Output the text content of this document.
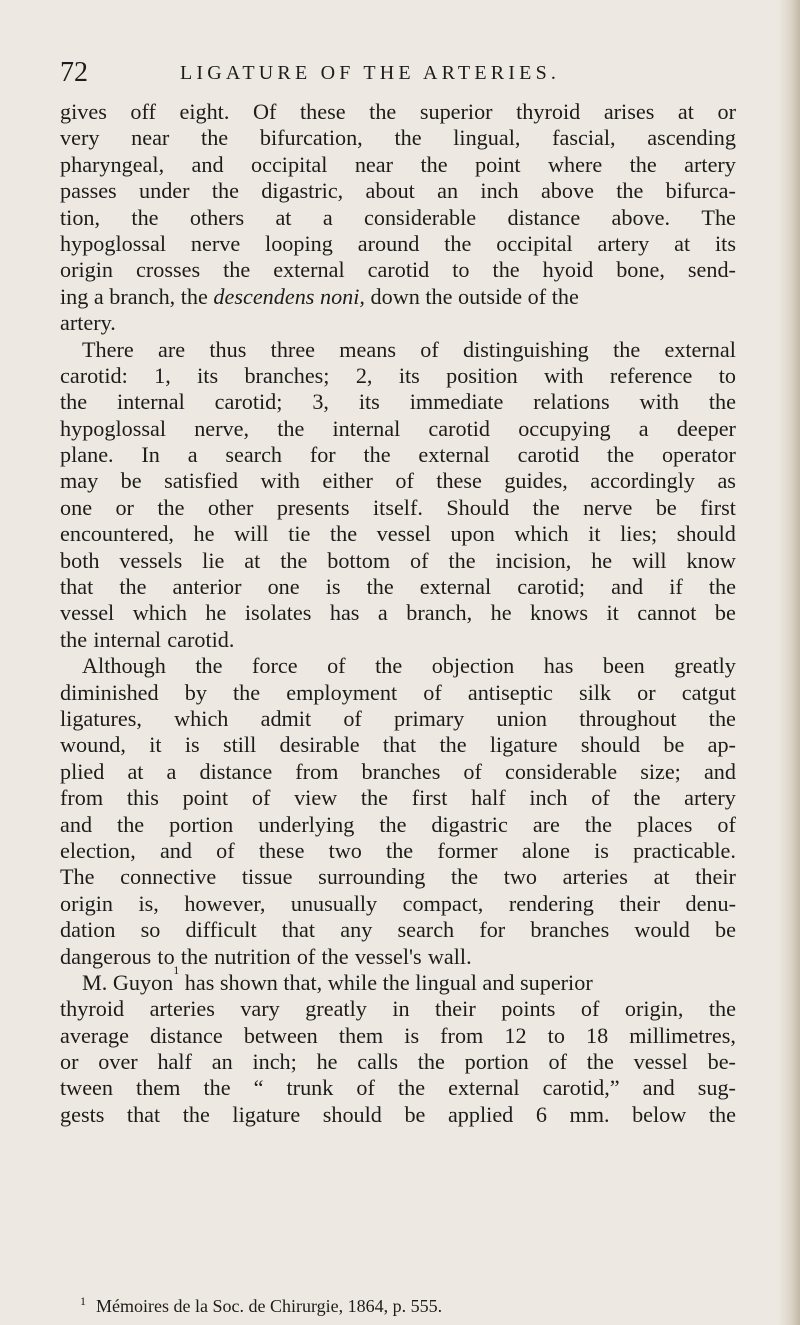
72	LIGATURE OF THE ARTERIES.
gives off eight. Of these the superior thyroid arises at or
very near the bifurcation, the lingual, fascial, ascending
pharyngeal, and occipital near the point where the artery
passes under the digastric, about an inch above the bifurca-
tion, the others at a considerable distance above. The
hypoglossal nerve looping around the occipital artery at its
origin crosses the external carotid to the hyoid bone, send-
ing a branch, the descendens noni, down the outside of the
artery.
There are thus three means of distinguishing the external
carotid: 1, its branches; 2, its position with reference to
the internal carotid; 3, its immediate relations with the
hypoglossal nerve, the internal carotid occupying a deeper
plane. In a search for the external carotid the operator
may be satisfied with either of these guides, accordingly as
one or the other presents itself. Should the nerve be first
encountered, he will tie the vessel upon which it lies; should
both vessels lie at the bottom of the incision, he will know
that the anterior one is the external carotid; and if the
vessel which he isolates has a branch, he knows it cannot be
the internal carotid.
Although the force of the objection has been greatly
diminished by the employment of antiseptic silk or catgut
ligatures, which admit of primary union throughout the
wound, it is still desirable that the ligature should be ap-
plied at a distance from branches of considerable size; and
from this point of view the first half inch of the artery
and the portion underlying the digastric are the places of
election, and of these two the former alone is practicable.
The connective tissue surrounding the two arteries at their
origin is, however, unusually compact, rendering their denu-
dation so difficult that any search for branches would be
dangerous to the nutrition of the vessel's wall.
M. Guyon 1 has shown that, while the lingual and superior
thyroid arteries vary greatly in their points of origin, the
average distance between them is from 12 to 18 millimetres,
or over half an inch; he calls the portion of the vessel be-
tween them the “ trunk of the external carotid,” and sug-
gests that the ligature should be applied 6 mm. below the
$^1$ Mémoires de la Soc. de Chirurgie, 1864, p. 555.
